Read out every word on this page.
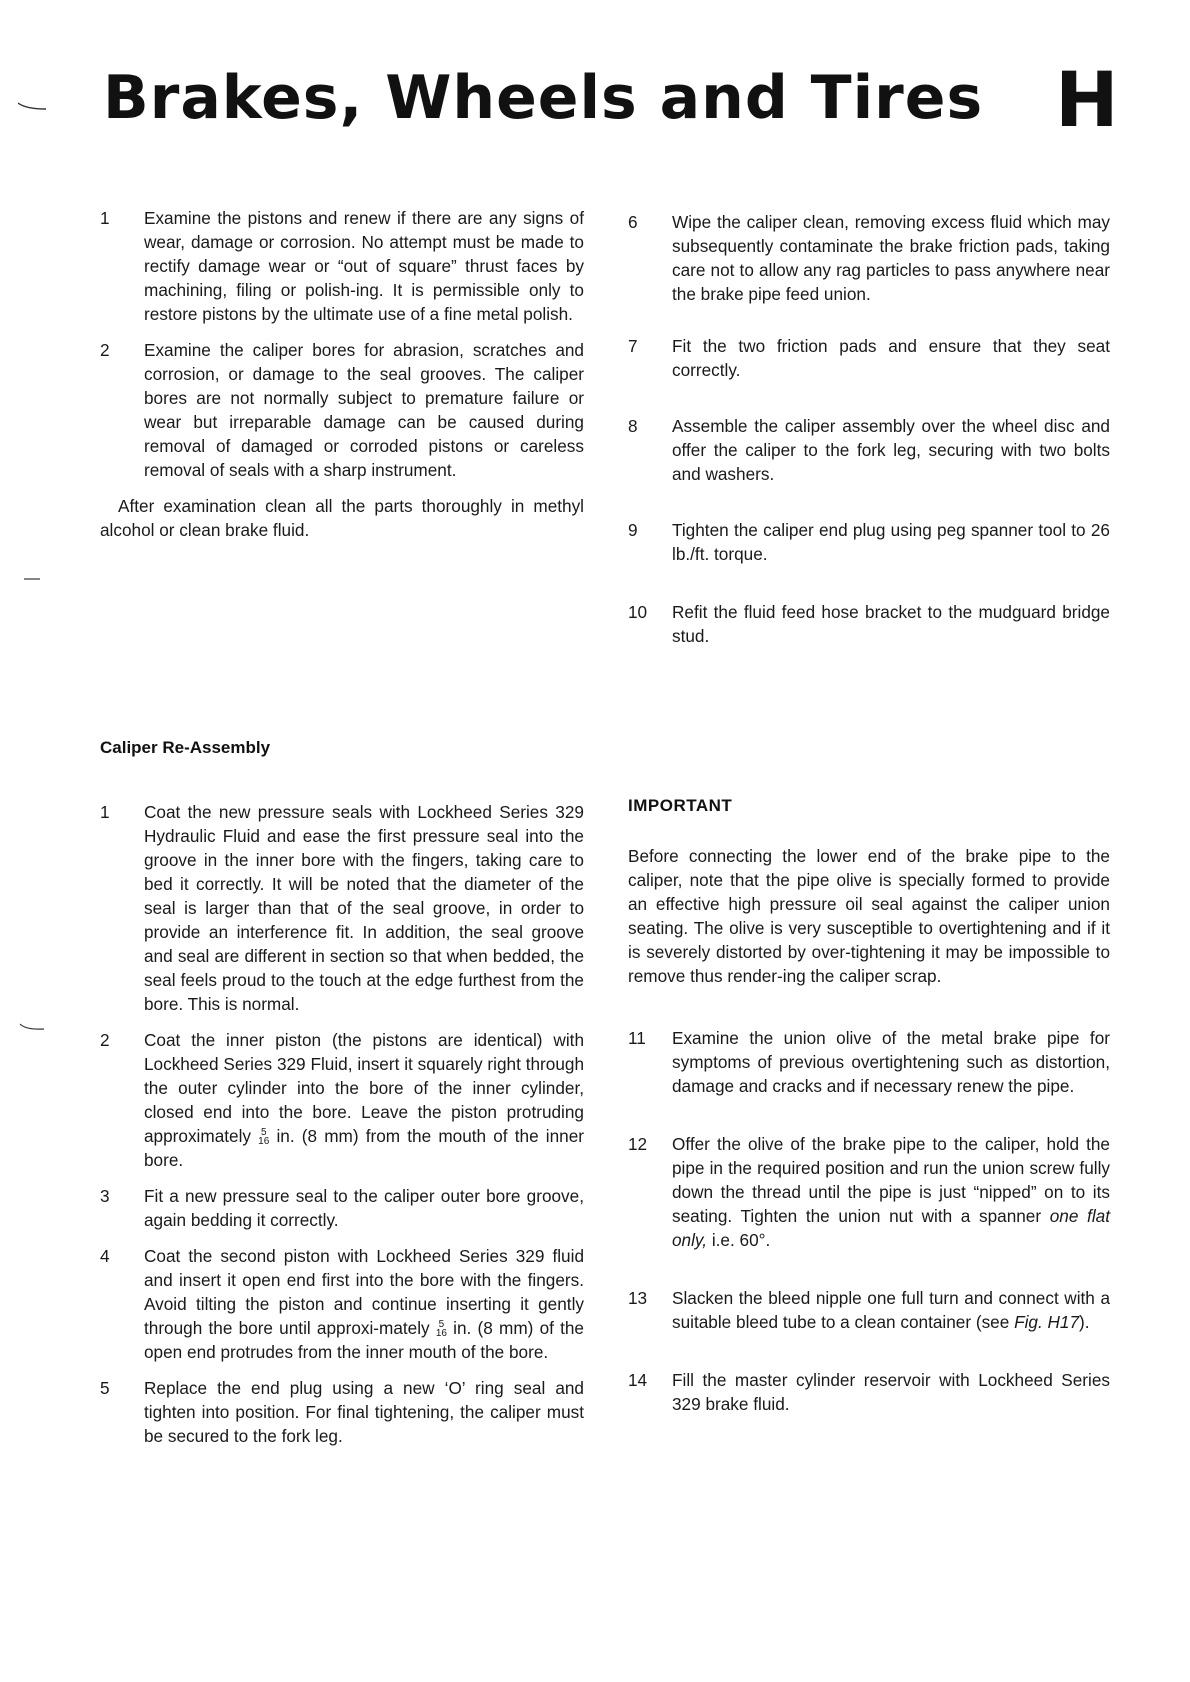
Brakes, Wheels and Tires H
1	Examine the pistons and renew if there are any signs of wear, damage or corrosion. No attempt must be made to rectify damage wear or “out of square” thrust faces by machining, filing or polish-ing. It is permissible only to restore pistons by the ultimate use of a fine metal polish.
2	Examine the caliper bores for abrasion, scratches and corrosion, or damage to the seal grooves. The caliper bores are not normally subject to premature failure or wear but irreparable damage can be caused during removal of damaged or corroded pistons or careless removal of seals with a sharp instrument.

After examination clean all the parts thoroughly in methyl alcohol or clean brake fluid.

6	Wipe the caliper clean, removing excess fluid which may subsequently contaminate the brake friction pads, taking care not to allow any rag particles to pass anywhere near the brake pipe feed union.
7	Fit the two friction pads and ensure that they seat correctly.
8	Assemble the caliper assembly over the wheel disc and offer the caliper to the fork leg, securing with two bolts and washers.
9	Tighten the caliper end plug using peg spanner tool to 26 lb./ft. torque.
10	Refit the fluid feed hose bracket to the mudguard bridge stud.
Caliper Re-Assembly
1	Coat the new pressure seals with Lockheed Series 329 Hydraulic Fluid and ease the first pressure seal into the groove in the inner bore with the fingers, taking care to bed it correctly. It will be noted that the diameter of the seal is larger than that of the seal groove, in order to provide an interference fit. In addition, the seal groove and seal are different in section so that when bedded, the seal feels proud to the touch at the edge furthest from the bore. This is normal.
2	Coat the inner piston (the pistons are identical) with Lockheed Series 329 Fluid, insert it squarely right through the outer cylinder into the bore of the inner cylinder, closed end into the bore. Leave the piston protruding approximately 5
16 in. (8 mm) from the mouth of the inner bore.
3	Fit a new pressure seal to the caliper outer bore groove, again bedding it correctly.
4	Coat the second piston with Lockheed Series 329 fluid and insert it open end first into the bore with the fingers. Avoid tilting the piston and continue inserting it gently through the bore until approxi-mately 5
16 in. (8 mm) of the open end protrudes from the inner mouth of the bore.
5	Replace the end plug using a new ‘O’ ring seal and tighten into position. For final tightening, the caliper must be secured to the fork leg.
IMPORTANT

Before connecting the lower end of the brake pipe to the caliper, note that the pipe olive is specially formed to provide an effective high pressure oil seal against the caliper union seating. The olive is very susceptible to overtightening and if it is severely distorted by over-tightening it may be impossible to remove thus render-ing the caliper scrap.

11	Examine the union olive of the metal brake pipe for symptoms of previous overtightening such as distortion, damage and cracks and if necessary renew the pipe.
12	Offer the olive of the brake pipe to the caliper, hold the pipe in the required position and run the union screw fully down the thread until the pipe is just “nipped” on to its seating. Tighten the union nut with a spanner one flat only, i.e. 60°.
13	Slacken the bleed nipple one full turn and connect with a suitable bleed tube to a clean container (see Fig. H17).
14	Fill the master cylinder reservoir with Lockheed Series 329 brake fluid.
